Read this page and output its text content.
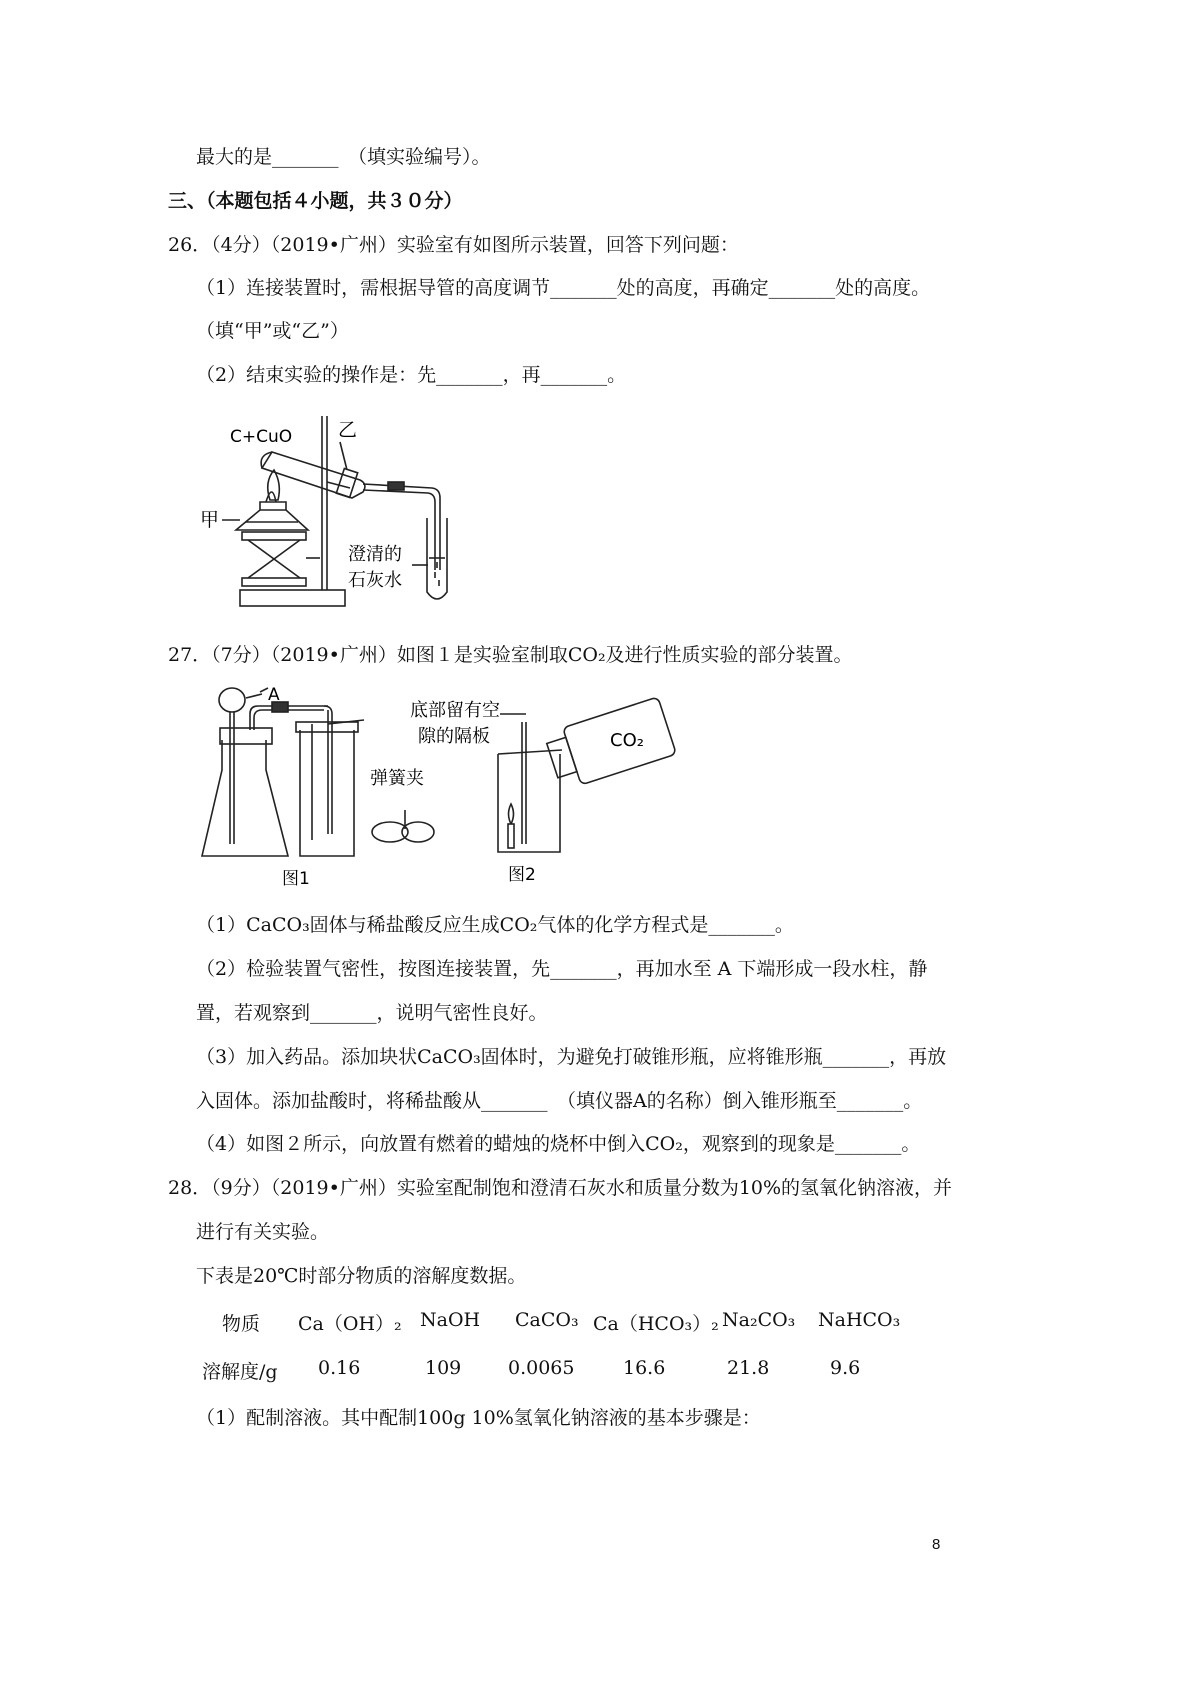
最大的是_______　（填实验编号）。
三、（本题包括４小题，共３０分）
26．（4分）（2019•广州）实验室有如图所示装置，回答下列问题：
（1）连接装置时，需根据导管的高度调节_______处的高度，再确定_______处的高度。
（填“甲”或“乙”）
（2）结束实验的操作是：先_______，再_______。
C+CuO 乙
甲
澄清的
石灰水
27．（7分）（2019•广州）如图１是实验室制取CO₂及进行性质实验的部分装置。
A
弹簧夹
底部留有空
隙的隔板	CO₂
图1	图2
（1）CaCO₃固体与稀盐酸反应生成CO₂气体的化学方程式是_______。
（2）检验装置气密性，按图连接装置，先_______，再加水至 A 下端形成一段水柱，静
置，若观察到_______，说明气密性良好。
（3）加入药品。添加块状CaCO₃固体时，为避免打破锥形瓶，应将锥形瓶_______，再放
入固体。添加盐酸时，将稀盐酸从_______　（填仪器A的名称）倒入锥形瓶至_______。
（4）如图２所示，向放置有燃着的蜡烛的烧杯中倒入CO₂，观察到的现象是_______。
28．（9分）（2019•广州）实验室配制饱和澄清石灰水和质量分数为10%的氢氧化钠溶液，并
进行有关实验。
下表是20℃时部分物质的溶解度数据。
物质 Ca（OH）₂ NaOH CaCO₃ Ca（HCO₃）₂ Na₂CO₃ NaHCO₃
溶解度/g 0.16	109 0.0065	16.6	21.8	9.6
（1）配制溶液。其中配制100g 10%氢氧化钠溶液的基本步骤是：
8
